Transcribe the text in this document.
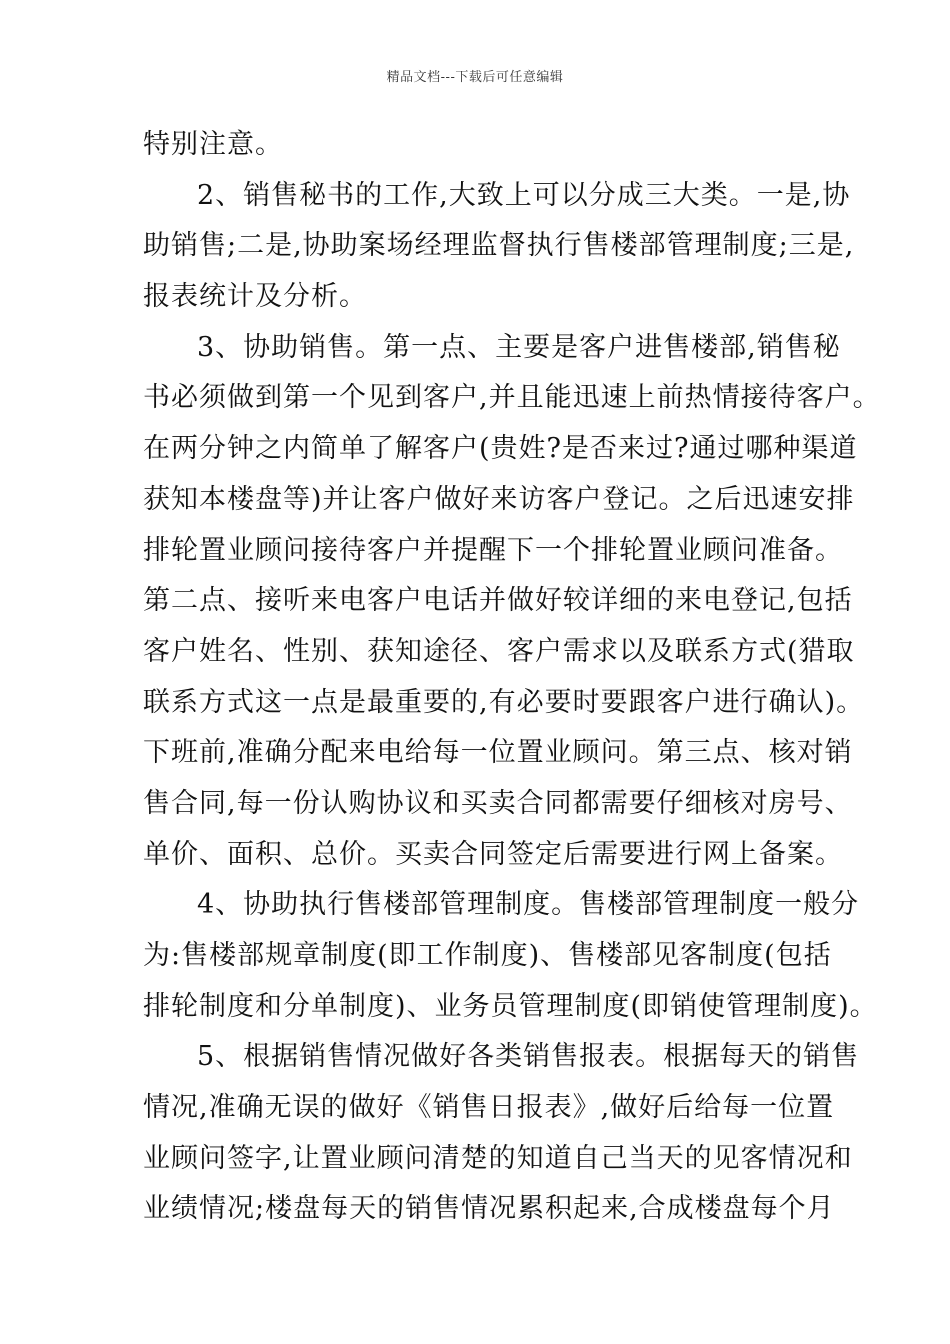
精品文档---下载后可任意编辑
特别注意。
2、销售秘书的工作,大致上可以分成三大类。一是,协
助销售;二是,协助案场经理监督执行售楼部管理制度;三是,
报表统计及分析。
3、协助销售。第一点、主要是客户进售楼部,销售秘
书必须做到第一个见到客户,并且能迅速上前热情接待客户。
在两分钟之内简单了解客户(贵姓?是否来过?通过哪种渠道
获知本楼盘等)并让客户做好来访客户登记。之后迅速安排
排轮置业顾问接待客户并提醒下一个排轮置业顾问准备。
第二点、接听来电客户电话并做好较详细的来电登记,包括
客户姓名、性别、获知途径、客户需求以及联系方式(猎取
联系方式这一点是最重要的,有必要时要跟客户进行确认)。
下班前,准确分配来电给每一位置业顾问。第三点、核对销
售合同,每一份认购协议和买卖合同都需要仔细核对房号、
单价、面积、总价。买卖合同签定后需要进行网上备案。
4、协助执行售楼部管理制度。售楼部管理制度一般分
为:售楼部规章制度(即工作制度)、售楼部见客制度(包括
排轮制度和分单制度)、业务员管理制度(即销使管理制度)。
5、根据销售情况做好各类销售报表。根据每天的销售
情况,准确无误的做好《销售日报表》,做好后给每一位置
业顾问签字,让置业顾问清楚的知道自己当天的见客情况和
业绩情况;楼盘每天的销售情况累积起来,合成楼盘每个月
